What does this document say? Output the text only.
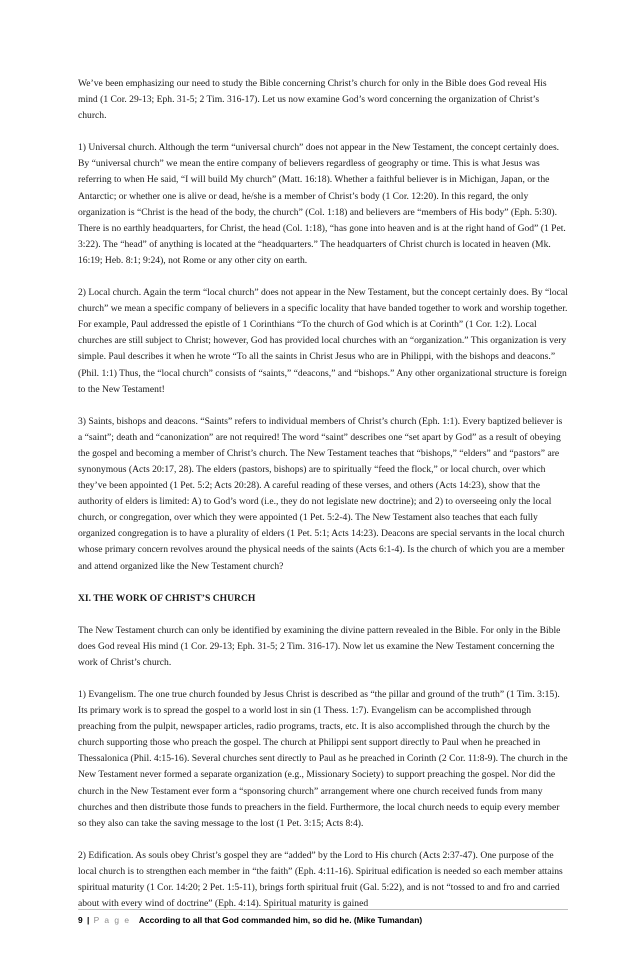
We’ve been emphasizing our need to study the Bible concerning Christ’s church for only in the Bible does God reveal His mind (1 Cor. 29-13; Eph. 31-5; 2 Tim. 316-17). Let us now examine God’s word concerning the organization of Christ’s church.

1) Universal church. Although the term “universal church” does not appear in the New Testament, the concept certainly does. By “universal church” we mean the entire company of believers regardless of geography or time. This is what Jesus was referring to when He said, “I will build My church” (Matt. 16:18). Whether a faithful believer is in Michigan, Japan, or the Antarctic; or whether one is alive or dead, he/she is a member of Christ’s body (1 Cor. 12:20). In this regard, the only organization is “Christ is the head of the body, the church” (Col. 1:18) and believers are “members of His body” (Eph. 5:30). There is no earthly headquarters, for Christ, the head (Col. 1:18), “has gone into heaven and is at the right hand of God” (1 Pet. 3:22). The “head” of anything is located at the “headquarters.” The headquarters of Christ church is located in heaven (Mk. 16:19; Heb. 8:1; 9:24), not Rome or any other city on earth.

2) Local church. Again the term “local church” does not appear in the New Testament, but the concept certainly does. By “local church” we mean a specific company of believers in a specific locality that have banded together to work and worship together. For example, Paul addressed the epistle of 1 Corinthians “To the church of God which is at Corinth” (1 Cor. 1:2). Local churches are still subject to Christ; however, God has provided local churches with an “organization.” This organization is very simple. Paul describes it when he wrote “To all the saints in Christ Jesus who are in Philippi, with the bishops and deacons.” (Phil. 1:1) Thus, the “local church” consists of “saints,” “deacons,” and “bishops.” Any other organizational structure is foreign to the New Testament!

3) Saints, bishops and deacons. “Saints” refers to individual members of Christ’s church (Eph. 1:1). Every baptized believer is a “saint”; death and “canonization” are not required! The word “saint” describes one “set apart by God” as a result of obeying the gospel and becoming a member of Christ’s church. The New Testament teaches that “bishops,” “elders” and “pastors” are synonymous (Acts 20:17, 28). The elders (pastors, bishops) are to spiritually “feed the flock,” or local church, over which they’ve been appointed (1 Pet. 5:2; Acts 20:28). A careful reading of these verses, and others (Acts 14:23), show that the authority of elders is limited: A) to God’s word (i.e., they do not legislate new doctrine); and 2) to overseeing only the local church, or congregation, over which they were appointed (1 Pet. 5:2-4). The New Testament also teaches that each fully organized congregation is to have a plurality of elders (1 Pet. 5:1; Acts 14:23). Deacons are special servants in the local church whose primary concern revolves around the physical needs of the saints (Acts 6:1-4). Is the church of which you are a member and attend organized like the New Testament church?

XI. THE WORK OF CHRIST’S CHURCH

The New Testament church can only be identified by examining the divine pattern revealed in the Bible. For only in the Bible does God reveal His mind (1 Cor. 29-13; Eph. 31-5; 2 Tim. 316-17). Now let us examine the New Testament concerning the work of Christ’s church.

1) Evangelism. The one true church founded by Jesus Christ is described as “the pillar and ground of the truth” (1 Tim. 3:15). Its primary work is to spread the gospel to a world lost in sin (1 Thess. 1:7). Evangelism can be accomplished through preaching from the pulpit, newspaper articles, radio programs, tracts, etc. It is also accomplished through the church by the church supporting those who preach the gospel. The church at Philippi sent support directly to Paul when he preached in Thessalonica (Phil. 4:15-16). Several churches sent directly to Paul as he preached in Corinth (2 Cor. 11:8-9). The church in the New Testament never formed a separate organization (e.g., Missionary Society) to support preaching the gospel. Nor did the church in the New Testament ever form a “sponsoring church” arrangement where one church received funds from many churches and then distribute those funds to preachers in the field. Furthermore, the local church needs to equip every member so they also can take the saving message to the lost (1 Pet. 3:15; Acts 8:4).

2) Edification. As souls obey Christ’s gospel they are “added” by the Lord to His church (Acts 2:37-47). One purpose of the local church is to strengthen each member in “the faith” (Eph. 4:11-16). Spiritual edification is needed so each member attains spiritual maturity (1 Cor. 14:20; 2 Pet. 1:5-11), brings forth spiritual fruit (Gal. 5:22), and is not “tossed to and fro and carried about with every wind of doctrine” (Eph. 4:14). Spiritual maturity is gained

9 | P a g e According to all that God commanded him, so did he. (Mike Tumandan)
